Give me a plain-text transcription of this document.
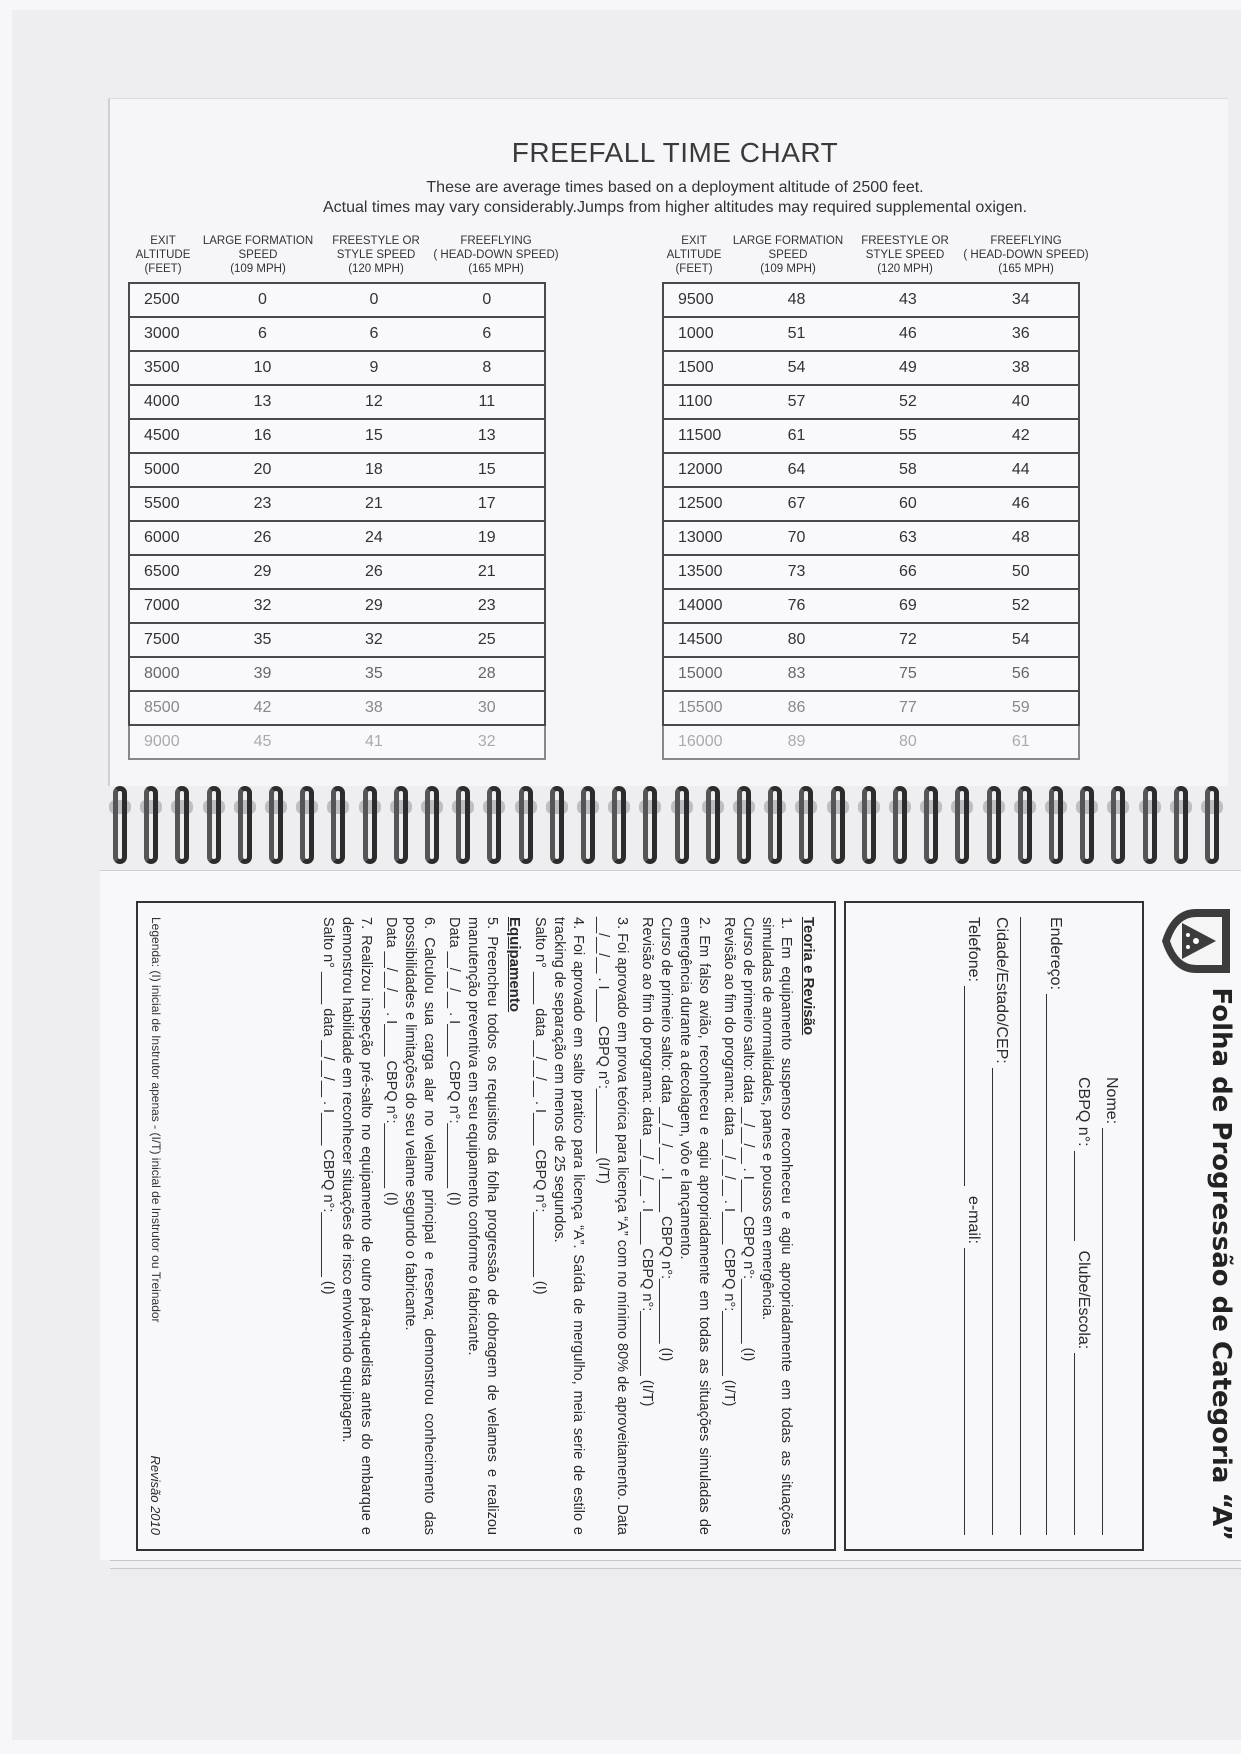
FREEFALL TIME CHART
These are average times based on a deployment altitude of 2500 feet.
Actual times may vary considerably.Jumps from higher altitudes may required supplemental oxigen.
EXIT
ALTITUDE
(FEET)
LARGE FORMATION
SPEED
(109 MPH)
FREESTYLE OR
STYLE SPEED
(120 MPH)
FREEFLYING
( HEAD-DOWN SPEED)
(165 MPH)
EXIT
ALTITUDE
(FEET)
LARGE FORMATION
SPEED
(109 MPH)
FREESTYLE OR
STYLE SPEED
(120 MPH)
FREEFLYING
( HEAD-DOWN SPEED)
(165 MPH)
2500	0	0	0
3000	6	6	6
3500	10	9	8
4000	13	12	11
4500	16	15	13
5000	20	18	15
5500	23	21	17
6000	26	24	19
6500	29	26	21
7000	32	29	23
7500	35	32	25
8000	39	35	28
8500	42	38	30
9000	45	41	32
9500	48	43	34
1000	51	46	36
1500	54	49	38
1100	57	52	40
11500	61	55	42
12000	64	58	44
12500	67	60	46
13000	70	63	48
13500	73	66	50
14000	76	69	52
14500	80	72	54
15000	83	75	56
15500	86	77	59
16000	89	80	61
Folha de Progressão de Categoria “A”
Nome:
CBPQ n°:
Clube/Escola:
Endereço:
Cidade/Estado/CEP:
Telefone:
e-mail:
Teoria e Revisão
1. Em equipamento suspenso reconheceu e agiu apropriadamente em todas as situações simuladas de anormalidades, panes e pousos em emergência.
Curso de primeiro salto: data __/__/__ . I____ CBPQ n°:________ (I)
Revisão ao fim do programa: data __/__/__ . I____ CBPQ n°:________ (I/T)
2. Em falso avião, reconheceu e agiu apropriadamente em todas as situações simuladas de emergência durante a decolagem, vôo e lançamento.
Curso de primeiro salto: data __/__/__ . I____ CBPQ n°:________ (I)
Revisão ao fim do programa: data __/__/__ . I____ CBPQ n°:________ (I/T)
3. Foi aprovado em prova teórica para licença “A” com no mínimo 80% de aproveitamento. Data __/__/__ . I____ CBPQ n°:________ (I/T)
4. Foi aprovado em salto pratico para licença “A”. Saída de mergulho, meia serie de estilo e tracking de separação em menos de 25 segundos.
Salto n° ____ data __/__/__ . I____ CBPQ n°:________ (I)
Equipamento
5. Preencheu todos os requisitos da folha progressão de dobragem de velames e realizou manutenção preventiva em seu equipamento conforme o fabricante.
Data __/__/__ . I____ CBPQ n°:________ (I)
6. Calculou sua carga alar no velame principal e reserva; demonstrou conhecimento das possibilidades e limitações do seu velame segundo o fabricante.
Data __/__/__ . I____ CBPQ n°:________ (I)
7. Realizou inspeção pré-salto no equipamento de outro pára-quedista antes do embarque e demonstrou habilidade em reconhecer situações de risco envolvendo equipagem.
Salto n° ____ data __/__/__ . I____ CBPQ n°:________ (I)
Legenda: (I) inicial de Instrutor apenas - (I/T) inicial de Instrutor ou Treinador
Revisão 2010
